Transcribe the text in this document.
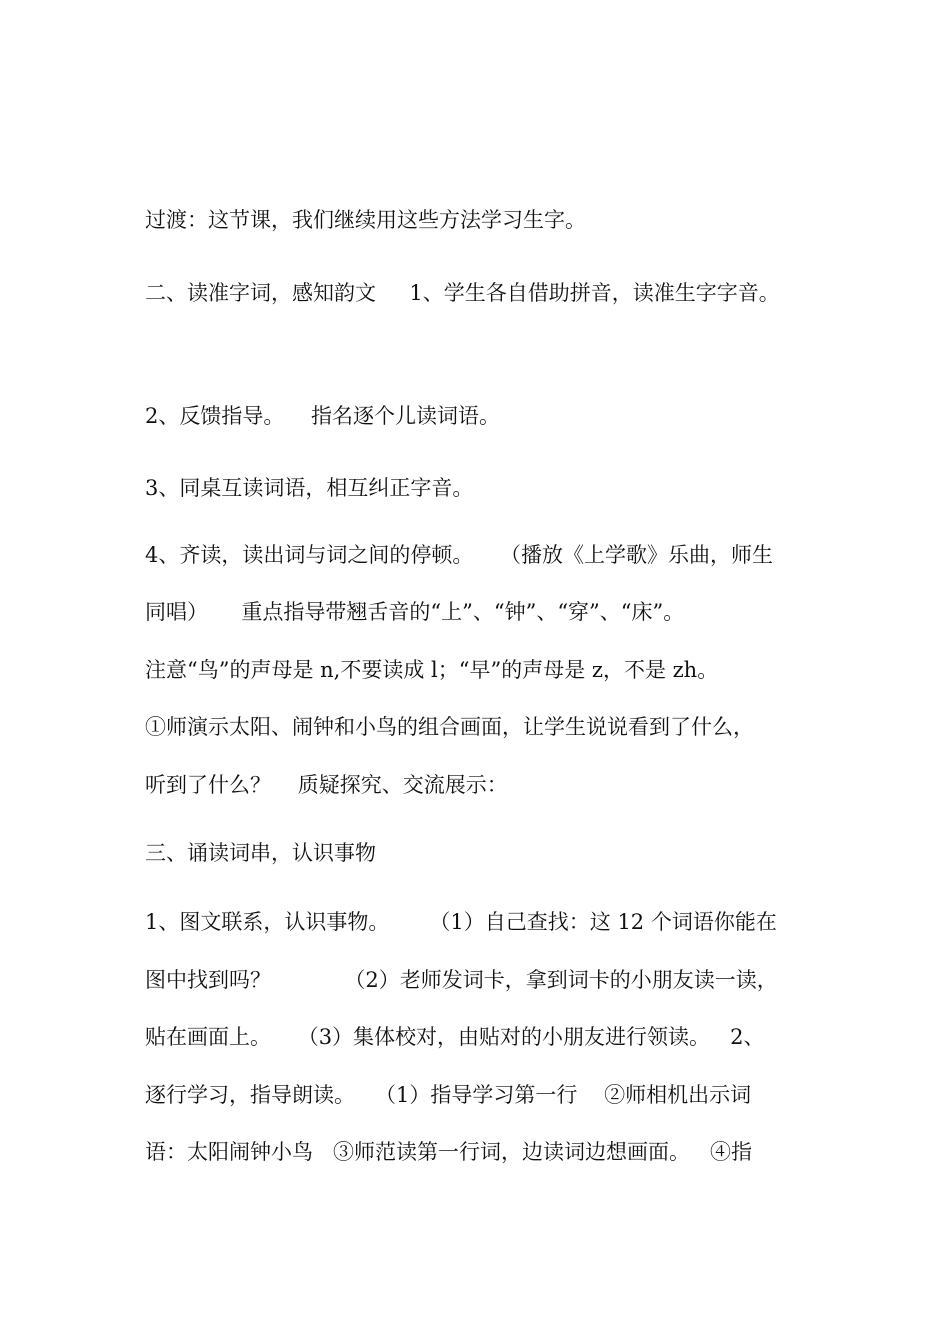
过渡：这节课，我们继续用这些方法学习生字。
二、读准字词，感知韵文     1、学生各自借助拼音，读准生字字音。
2、反馈指导。    指名逐个儿读词语。
3、同桌互读词语，相互纠正字音。
4、齐读，读出词与词之间的停顿。    （播放《上学歌》乐曲，师生
同唱）     重点指导带翘舌音的“上”、“钟”、“穿”、“床”。
注意“鸟”的声母是 n,不要读成 l；“早”的声母是 z，不是 zh。
①师演示太阳、闹钟和小鸟的组合画面，让学生说说看到了什么，
听到了什么？    质疑探究、交流展示：
三、诵读词串，认识事物
1、图文联系，认识事物。      （1）自己查找：这 12 个词语你能在
图中找到吗？           （2）老师发词卡，拿到词卡的小朋友读一读，
贴在画面上。    （3）集体校对，由贴对的小朋友进行领读。   2、
逐行学习，指导朗读。   （1）指导学习第一行    ②师相机出示词
语：太阳闹钟小鸟   ③师范读第一行词，边读词边想画面。   ④指
